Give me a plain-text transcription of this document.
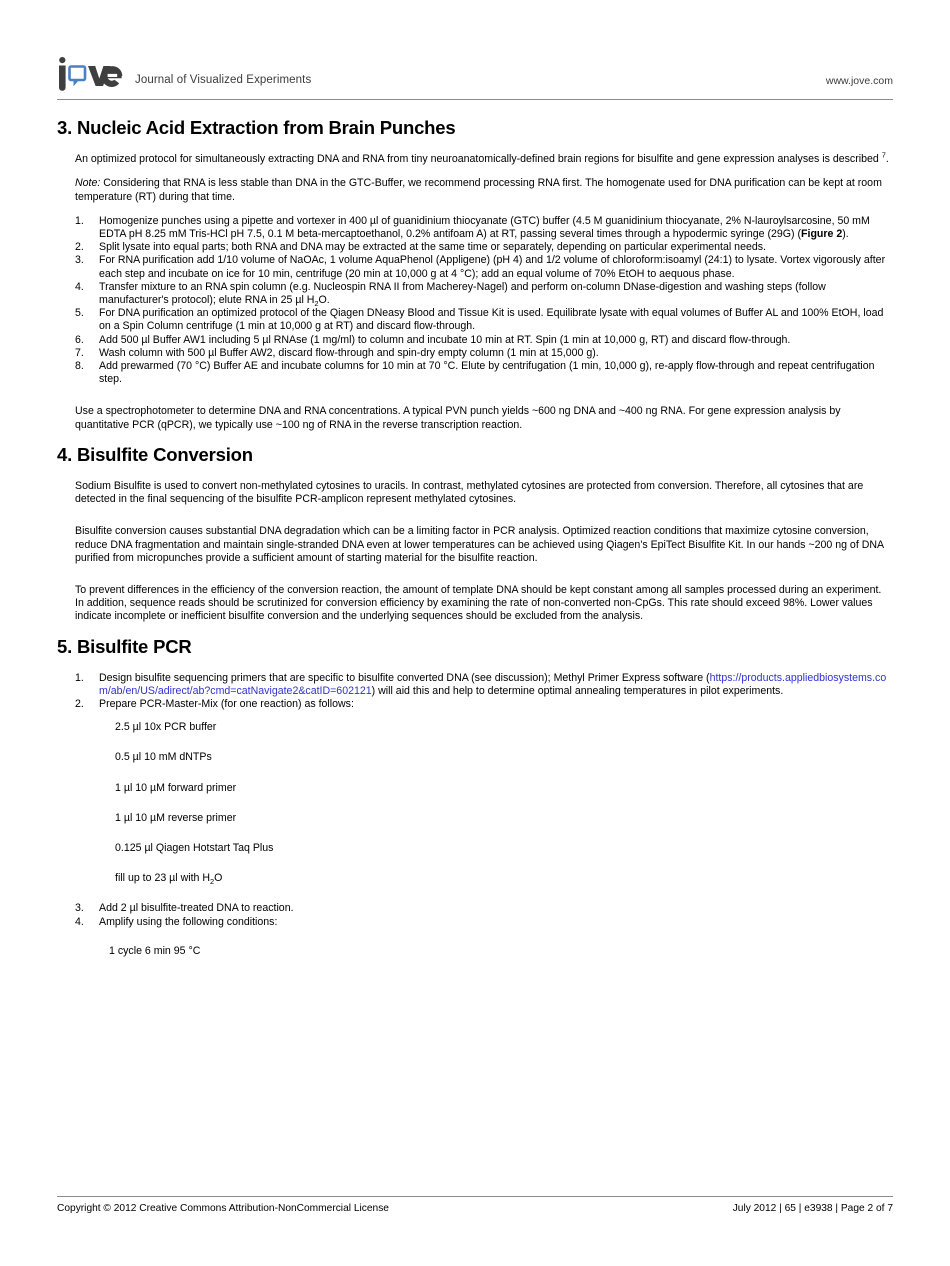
Journal of Visualized Experiments	www.jove.com
3. Nucleic Acid Extraction from Brain Punches

An optimized protocol for simultaneously extracting DNA and RNA from tiny neuroanatomically-defined brain regions for bisulfite and gene expression analyses is described $^7$.

Note: Considering that RNA is less stable than DNA in the GTC-Buffer, we recommend processing RNA first. The homogenate used for DNA purification can be kept at room temperature (RT) during that time.

Homogenize punches using a pipette and vortexer in 400 µl of guanidinium thiocyanate (GTC) buffer (4.5 M guanidinium thiocyanate, 2% N-lauroylsarcosine, 50 mM EDTA pH 8.25 mM Tris-HCl pH 7.5, 0.1 M beta-mercaptoethanol, 0.2% antifoam A) at RT, passing several times through a hypodermic syringe (29G) (Figure 2).
Split lysate into equal parts; both RNA and DNA may be extracted at the same time or separately, depending on particular experimental needs.
For RNA purification add 1/10 volume of NaOAc, 1 volume AquaPhenol (Appligene) (pH 4) and 1/2 volume of chloroform:isoamyl (24:1) to lysate. Vortex vigorously after each step and incubate on ice for 10 min, centrifuge (20 min at 10,000 g at 4 °C); add an equal volume of 70% EtOH to aequous phase.
Transfer mixture to an RNA spin column (e.g. Nucleospin RNA II from Macherey-Nagel) and perform on-column DNase-digestion and washing steps (follow manufacturer's protocol); elute RNA in 25 µl $H_2O$.
For DNA purification an optimized protocol of the Qiagen DNeasy Blood and Tissue Kit is used. Equilibrate lysate with equal volumes of Buffer AL and 100% EtOH, load on a Spin Column centrifuge (1 min at 10,000 g at RT) and discard flow-through.
Add 500 µl Buffer AW1 including 5 µl RNAse (1 mg/ml) to column and incubate 10 min at RT. Spin (1 min at 10,000 g, RT) and discard flow-through.
Wash column with 500 µl Buffer AW2, discard flow-through and spin-dry empty column (1 min at 15,000 g).
Add prewarmed (70 °C) Buffer AE and incubate columns for 10 min at 70 °C. Elute by centrifugation (1 min, 10,000 g), re-apply flow-through and repeat centrifugation step.

Use a spectrophotometer to determine DNA and RNA concentrations. A typical PVN punch yields ~600 ng DNA and ~400 ng RNA. For gene expression analysis by quantitative PCR (qPCR), we typically use ~100 ng of RNA in the reverse transcription reaction.

4. Bisulfite Conversion

Sodium Bisulfite is used to convert non-methylated cytosines to uracils. In contrast, methylated cytosines are protected from conversion. Therefore, all cytosines that are detected in the final sequencing of the bisulfite PCR-amplicon represent methylated cytosines.

Bisulfite conversion causes substantial DNA degradation which can be a limiting factor in PCR analysis. Optimized reaction conditions that maximize cytosine conversion, reduce DNA fragmentation and maintain single-stranded DNA even at lower temperatures can be achieved using Qiagen's EpiTect Bisulfite Kit. In our hands ~200 ng of DNA purified from micropunches provide a sufficient amount of starting material for the bisulfite reaction.

To prevent differences in the efficiency of the conversion reaction, the amount of template DNA should be kept constant among all samples processed during an experiment. In addition, sequence reads should be scrutinized for conversion efficiency by examining the rate of non-converted non-CpGs. This rate should exceed 98%. Lower values indicate incomplete or inefficient bisulfite conversion and the underlying sequences should be excluded from the analysis.

5. Bisulfite PCR
Design bisulfite sequencing primers that are specific to bisulfite converted DNA (see discussion); Methyl Primer Express software (https://products.appliedbiosystems.com/ab/en/US/adirect/ab?cmd=catNavigate2&catID=602121) will aid this and help to determine optimal annealing temperatures in pilot experiments.
Prepare PCR-Master-Mix (for one reaction) as follows:
2.5 µl 10x PCR buffer
0.5 µl 10 mM dNTPs
1 µl 10 µM forward primer
1 µl 10 µM reverse primer
0.125 µl Qiagen Hotstart Taq Plus
fill up to 23 µl with $H_2O$
Add 2 µl bisulfite-treated DNA to reaction.
Amplify using the following conditions:
1 cycle 6 min 95 °C
Copyright © 2012 Creative Commons Attribution-NonCommercial License	July 2012 | 65 | e3938 | Page 2 of 7
